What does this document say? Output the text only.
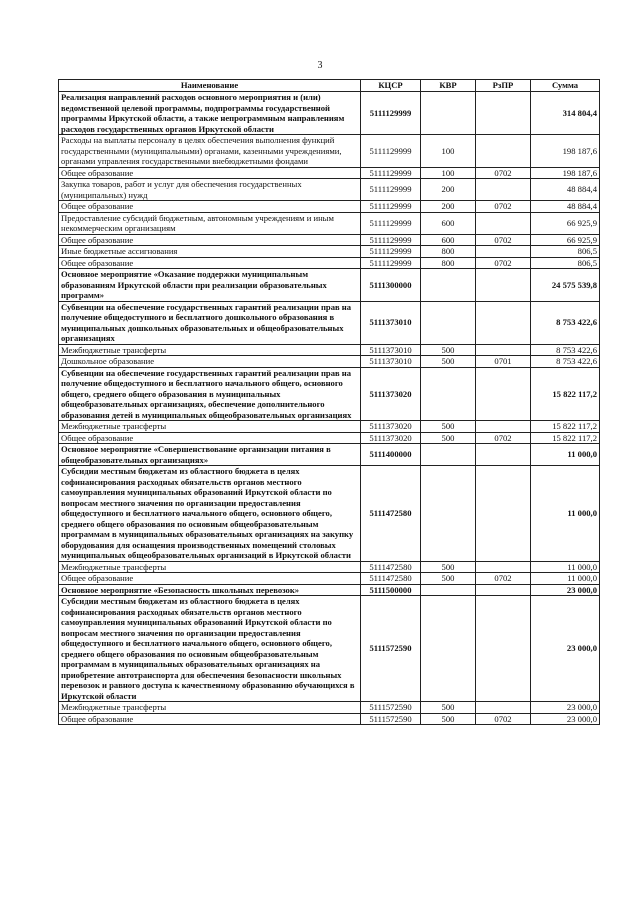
3
Наименование	КЦСР	КВР	РзПР	Сумма
Реализация направлений расходов основного мероприятия и (или) ведомственной целевой программы, подпрограммы государственной программы Иркутской области, а также непрограммным направлениям расходов государственных органов Иркутской области	5111129999			314 804,4
Расходы на выплаты персоналу в целях обеспечения выполнения функций государственными (муниципальными) органами, казенными учреждениями, органами управления государственными внебюджетными фондами	5111129999	100		198 187,6
Общее образование	5111129999	100	0702	198 187,6
Закупка товаров, работ и услуг для обеспечения государственных (муниципальных) нужд	5111129999	200		48 884,4
Общее образование	5111129999	200	0702	48 884,4
Предоставление субсидий бюджетным, автономным учреждениям и иным некоммерческим организациям	5111129999	600		66 925,9
Общее образование	5111129999	600	0702	66 925,9
Иные бюджетные ассигнования	5111129999	800		806,5
Общее образование	5111129999	800	0702	806,5
Основное мероприятие «Оказание поддержки муниципальным образованиям Иркутской области при реализации образовательных программ»	5111300000			24 575 539,8
Субвенции на обеспечение государственных гарантий реализации прав на получение общедоступного и бесплатного дошкольного образования в муниципальных дошкольных образовательных и общеобразовательных организациях	5111373010			8 753 422,6
Межбюджетные трансферты	5111373010	500		8 753 422,6
Дошкольное образование	5111373010	500	0701	8 753 422,6
Субвенции на обеспечение государственных гарантий реализации прав на получение общедоступного и бесплатного начального общего, основного общего, среднего общего образования в муниципальных общеобразовательных организациях, обеспечение дополнительного образования детей в муниципальных общеобразовательных организациях	5111373020			15 822 117,2
Межбюджетные трансферты	5111373020	500		15 822 117,2
Общее образование	5111373020	500	0702	15 822 117,2
Основное мероприятие «Совершенствование организации питания в общеобразовательных организациях»	5111400000			11 000,0
Субсидии местным бюджетам из областного бюджета в целях софинансирования расходных обязательств органов местного самоуправления муниципальных образований Иркутской области по вопросам местного значения по организации предоставления общедоступного и бесплатного начального общего, основного общего, среднего общего образования по основным общеобразовательным программам в муниципальных образовательных организациях на закупку оборудования для оснащения производственных помещений столовых муниципальных общеобразовательных организаций в Иркутской области	5111472580			11 000,0
Межбюджетные трансферты	5111472580	500		11 000,0
Общее образование	5111472580	500	0702	11 000,0
Основное мероприятие «Безопасность школьных перевозок»	5111500000			23 000,0
Субсидии местным бюджетам из областного бюджета в целях софинансирования расходных обязательств органов местного самоуправления муниципальных образований Иркутской области по вопросам местного значения по организации предоставления общедоступного и бесплатного начального общего, основного общего, среднего общего образования по основным общеобразовательным программам в муниципальных образовательных организациях на приобретение автотранспорта для обеспечения безопасности школьных перевозок и равного доступа к качественному образованию обучающихся в Иркутской области	5111572590			23 000,0
Межбюджетные трансферты	5111572590	500		23 000,0
Общее образование	5111572590	500	0702	23 000,0
